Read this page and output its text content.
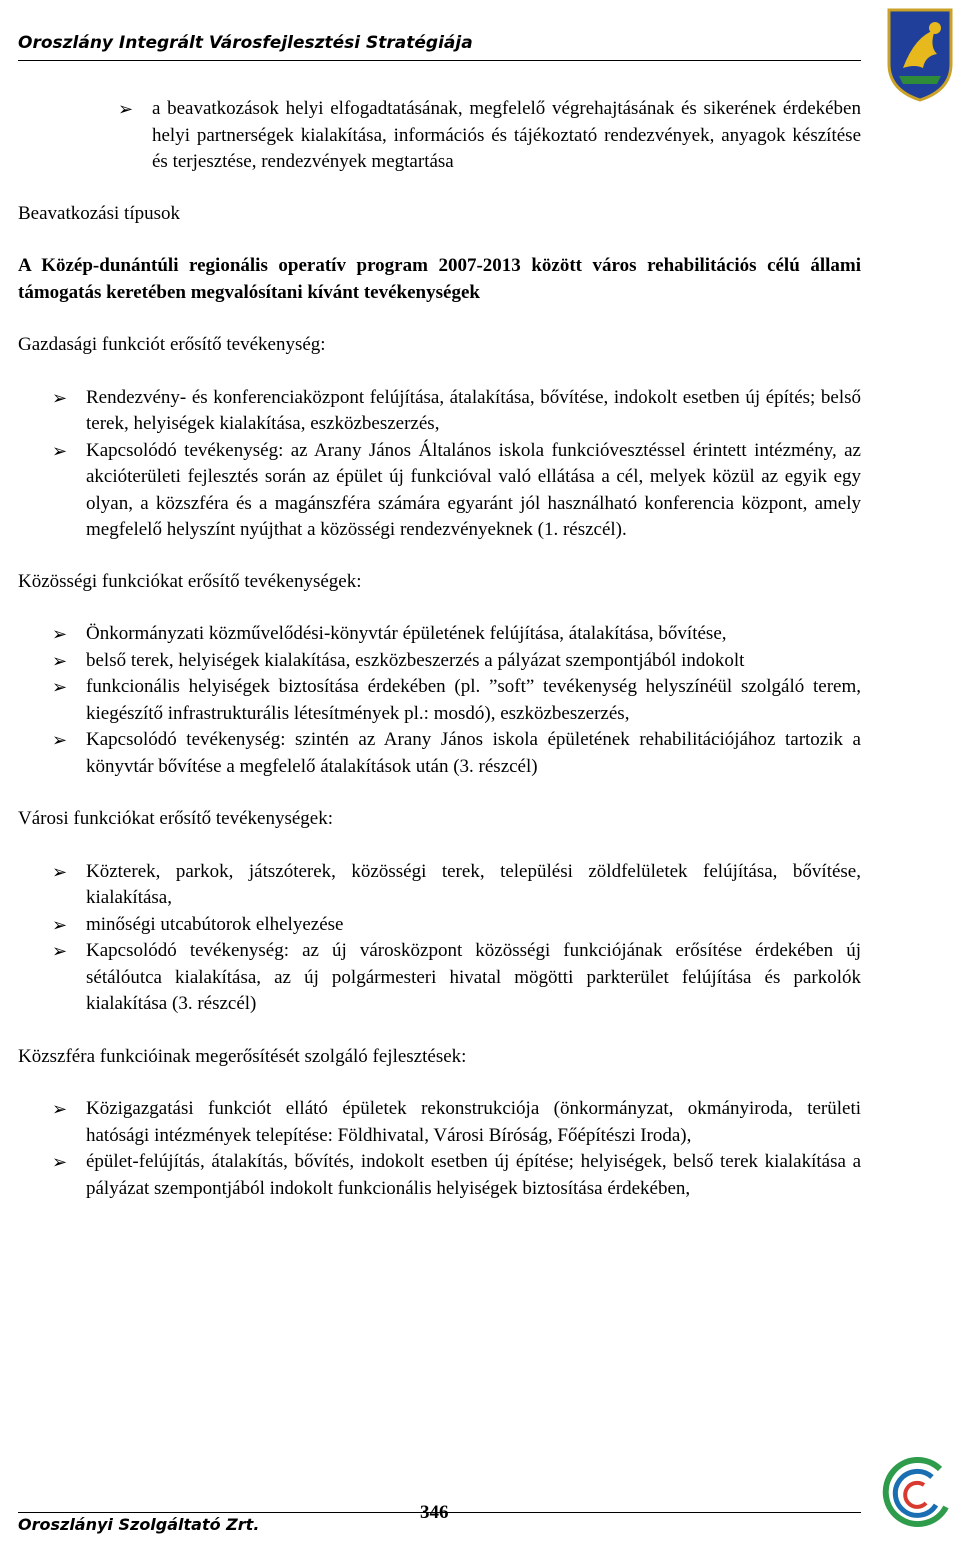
Oroszlány Integrált Városfejlesztési Stratégiája
➢ a beavatkozások helyi elfogadtatásának, megfelelő végrehajtásának és sikerének érdekében helyi partnerségek kialakítása, információs és tájékoztató rendezvények, anyagok készítése és terjesztése, rendezvények megtartása

Beavatkozási típusok

A Közép-dunántúli regionális operatív program 2007-2013 között város rehabilitációs célú állami támogatás keretében megvalósítani kívánt tevékenységek

Gazdasági funkciót erősítő tevékenység:

➢ Rendezvény- és konferenciaközpont felújítása, átalakítása, bővítése, indokolt esetben új építés; belső terek, helyiségek kialakítása, eszközbeszerzés,
➢ Kapcsolódó tevékenység: az Arany János Általános iskola funkcióvesztéssel érintett intézmény, az akcióterületi fejlesztés során az épület új funkcióval való ellátása a cél, melyek közül az egyik egy olyan, a közszféra és a magánszféra számára egyaránt jól használható konferencia központ, amely megfelelő helyszínt nyújthat a közösségi rendezvényeknek (1. részcél).

Közösségi funkciókat erősítő tevékenységek:

➢ Önkormányzati közművelődési-könyvtár épületének felújítása, átalakítása, bővítése,
➢ belső terek, helyiségek kialakítása, eszközbeszerzés a pályázat szempontjából indokolt
➢ funkcionális helyiségek biztosítása érdekében (pl. ”soft” tevékenység helyszínéül szolgáló terem, kiegészítő infrastrukturális létesítmények pl.: mosdó), eszközbeszerzés,
➢ Kapcsolódó tevékenység: szintén az Arany János iskola épületének rehabilitációjához tartozik a könyvtár bővítése a megfelelő átalakítások után (3. részcél)

Városi funkciókat erősítő tevékenységek:

➢ Közterek, parkok, játszóterek, közösségi terek, települési zöldfelületek felújítása, bővítése, kialakítása,
➢ minőségi utcabútorok elhelyezése
➢ Kapcsolódó tevékenység: az új városközpont közösségi funkciójának erősítése érdekében új sétálóutca kialakítása, az új polgármesteri hivatal mögötti parkterület felújítása és parkolók kialakítása (3. részcél)

Közszféra funkcióinak megerősítését szolgáló fejlesztések:

➢ Közigazgatási funkciót ellátó épületek rekonstrukciója (önkormányzat, okmányiroda, területi hatósági intézmények telepítése: Földhivatal, Városi Bíróság, Főépítészi Iroda),
➢ épület-felújítás, átalakítás, bővítés, indokolt esetben új építése; helyiségek, belső terek kialakítása a pályázat szempontjából indokolt funkcionális helyiségek biztosítása érdekében,
Oroszlányi Szolgáltató Zrt.
346
